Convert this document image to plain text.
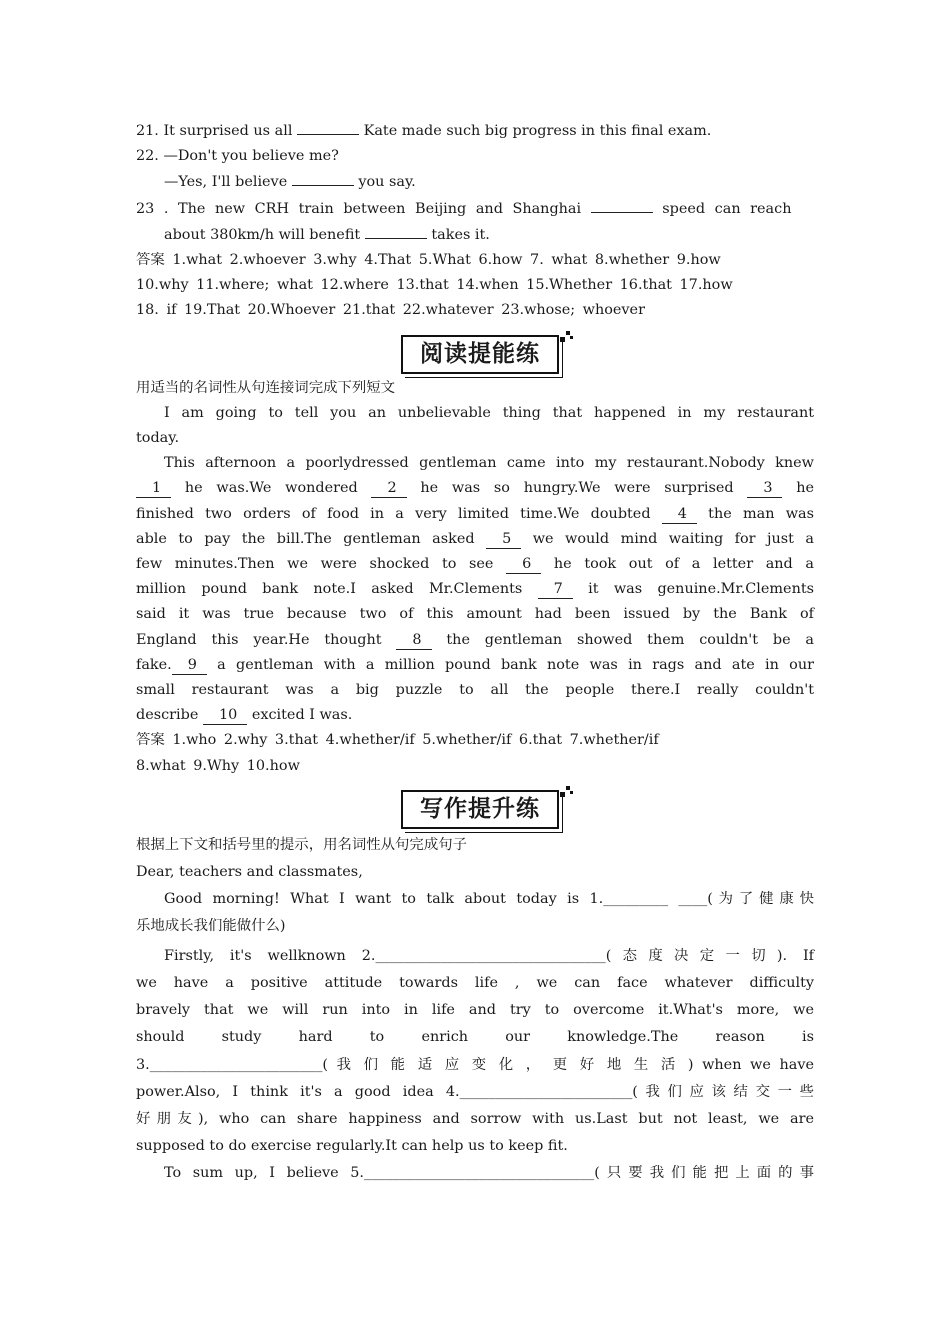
21. It surprised us all	Kate made such big progress in this final exam.
22. —Don't you believe me?
—Yes, I'll believe	you say.
23 . The new CRH train between Beijing and Shanghai	speed can reach
about 380km/h will benefit	takes it.
答案 1.what 2.whoever 3.why 4.That 5.What 6.how 7. what 8.whether 9.how
10.why 11.where; what 12.where 13.that 14.when 15.Whether 16.that 17.how
18. if 19.That 20.Whoever 21.that 22.whatever 23.whose; whoever
阅读提能练
用适当的名词性从句连接词完成下列短文
I am going to tell you an unbelievable thing that happened in my restaurant
today.
This afternoon a poorlydressed gentleman came into my restaurant.Nobody knew
1 he was.We wondered 2 he was so hungry.We were surprised 3 he
finished two orders of food in a very limited time.We doubted 4 the man was
able to pay the bill.The gentleman asked 5 we would mind waiting for just a
few minutes.Then we were shocked to see 6 he took out of a letter and a
million pound bank note.I asked Mr.Clements 7 it was genuine.Mr.Clements
said it was true because two of this amount had been issued by the Bank of
England this year.He thought 8 the gentleman showed them couldn't be a
fake. 9 a gentleman with a million pound bank note was in rags and ate in our
small restaurant was a big puzzle to all the people there.I really couldn't
describe 10 excited I was.
答案 1.who 2.why 3.that 4.whether/if 5.whether/if 6.that 7.whether/if
8.what 9.Why 10.how
写作提升练
根据上下文和括号里的提示，用名词性从句完成句子
Dear, teachers and classmates,
Good morning! What I want to talk about today is 1._________ ____(为了健康快
乐地成长我们能做什么)
Firstly, it's wellknown 2.________________________________(态度决定一切). If
we have a positive attitude towards life , we can face whatever difficulty
bravely that we will run into in life and try to overcome it.What's more, we
should study hard to enrich our knowledge.The reason is
3.________________________( 我 们 能 适 应 变 化 ， 更 好 地 生 活 ) when we have
power.Also, I think it's a good idea 4.________________________(我们应该结交一些
好朋友), who can share happiness and sorrow with us.Last but not least, we are
supposed to do exercise regularly.It can help us to keep fit.
To sum up, I believe 5.________________________________(只要我们能把上面的事
